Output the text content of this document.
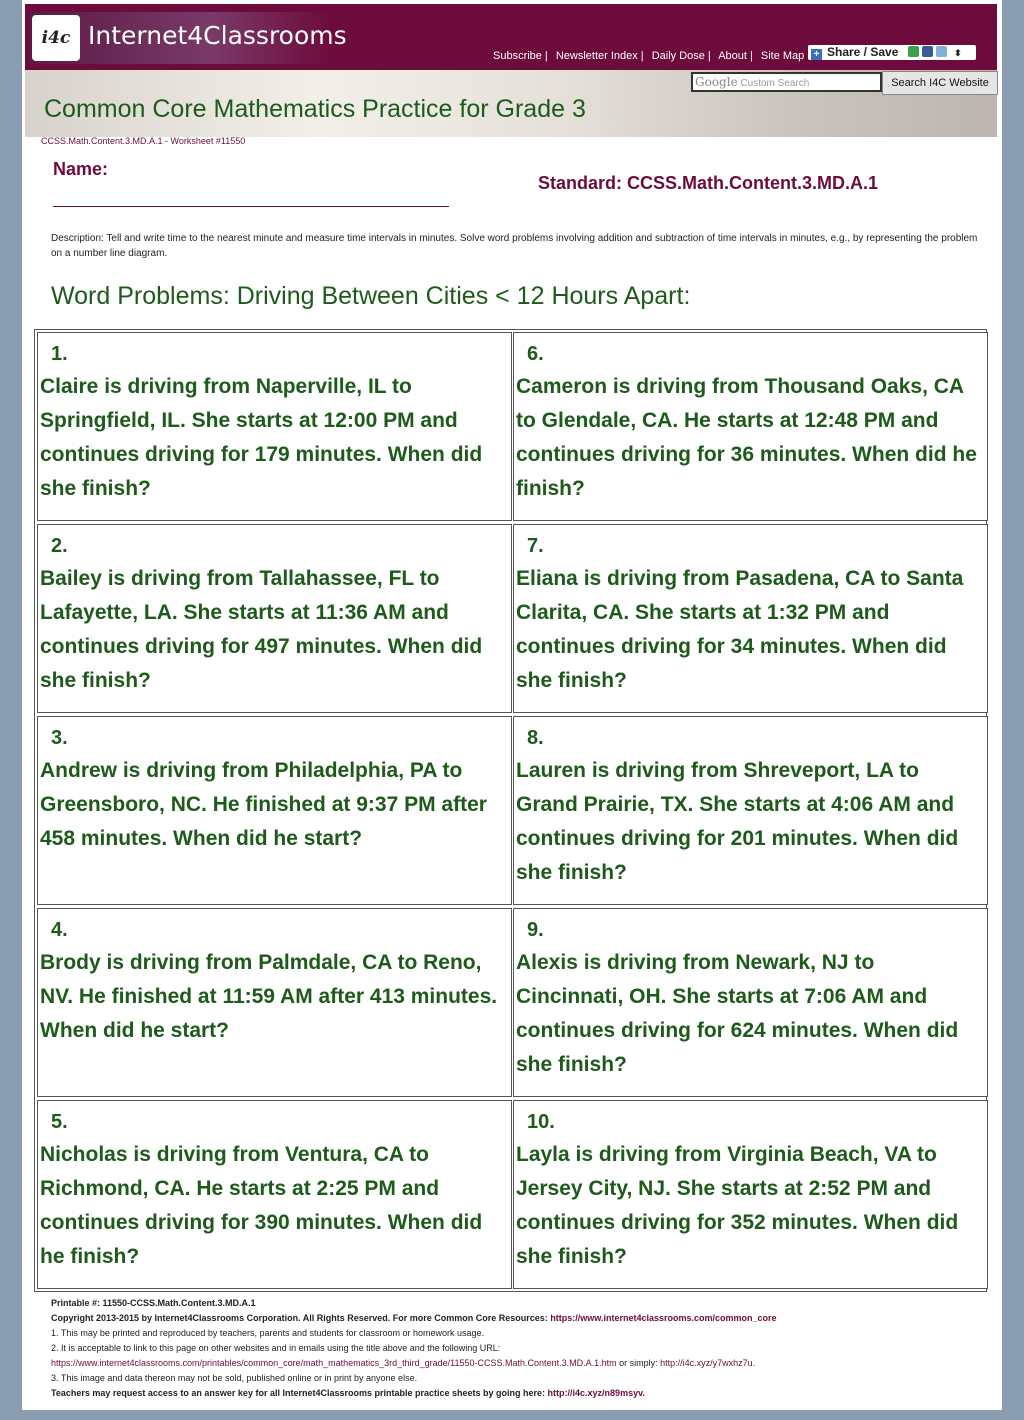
i4c Internet4Classrooms
Subscribe | Newsletter Index | Daily Dose | About | Site Map + Share / Save	⬍
Google Custom Search	Search I4C Website
Common Core Mathematics Practice for Grade 3
CCSS.Math.Content.3.MD.A.1 - Worksheet #11550
Name:
Standard: CCSS.Math.Content.3.MD.A.1
Description: Tell and write time to the nearest minute and measure time intervals in minutes. Solve word problems involving addition and subtraction of time intervals in minutes, e.g., by representing the problem on a number line diagram.
Word Problems: Driving Between Cities < 12 Hours Apart:
1.
Claire is driving from Naperville, IL to Springfield, IL. She starts at 12:00 PM and continues driving for 179 minutes. When did she finish?
2.
Bailey is driving from Tallahassee, FL to Lafayette, LA. She starts at 11:36 AM and continues driving for 497 minutes. When did she finish?
3.
Andrew is driving from Philadelphia, PA to Greensboro, NC. He finished at 9:37 PM after 458 minutes. When did he start?
4.
Brody is driving from Palmdale, CA to Reno, NV. He finished at 11:59 AM after 413 minutes. When did he start?
5.
Nicholas is driving from Ventura, CA to Richmond, CA. He starts at 2:25 PM and continues driving for 390 minutes. When did he finish?
6.
Cameron is driving from Thousand Oaks, CA to Glendale, CA. He starts at 12:48 PM and continues driving for 36 minutes. When did he finish?
7.
Eliana is driving from Pasadena, CA to Santa Clarita, CA. She starts at 1:32 PM and continues driving for 34 minutes. When did she finish?
8.
Lauren is driving from Shreveport, LA to Grand Prairie, TX. She starts at 4:06 AM and continues driving for 201 minutes. When did she finish?
9.
Alexis is driving from Newark, NJ to Cincinnati, OH. She starts at 7:06 AM and continues driving for 624 minutes. When did she finish?
10.
Layla is driving from Virginia Beach, VA to Jersey City, NJ. She starts at 2:52 PM and continues driving for 352 minutes. When did she finish?
Printable #: 11550-CCSS.Math.Content.3.MD.A.1
Copyright 2013-2015 by Internet4Classrooms Corporation. All Rights Reserved. For more Common Core Resources: https://www.internet4classrooms.com/common_core
1. This may be printed and reproduced by teachers, parents and students for classroom or homework usage.
2. It is acceptable to link to this page on other websites and in emails using the title above and the following URL:
https://www.internet4classrooms.com/printables/common_core/math_mathematics_3rd_third_grade/11550-CCSS.Math.Content.3.MD.A.1.htm or simply: http://i4c.xyz/y7wxhz7u.
3. This image and data thereon may not be sold, published online or in print by anyone else.
Teachers may request access to an answer key for all Internet4Classrooms printable practice sheets by going here: http://i4c.xyz/n89msyv.
